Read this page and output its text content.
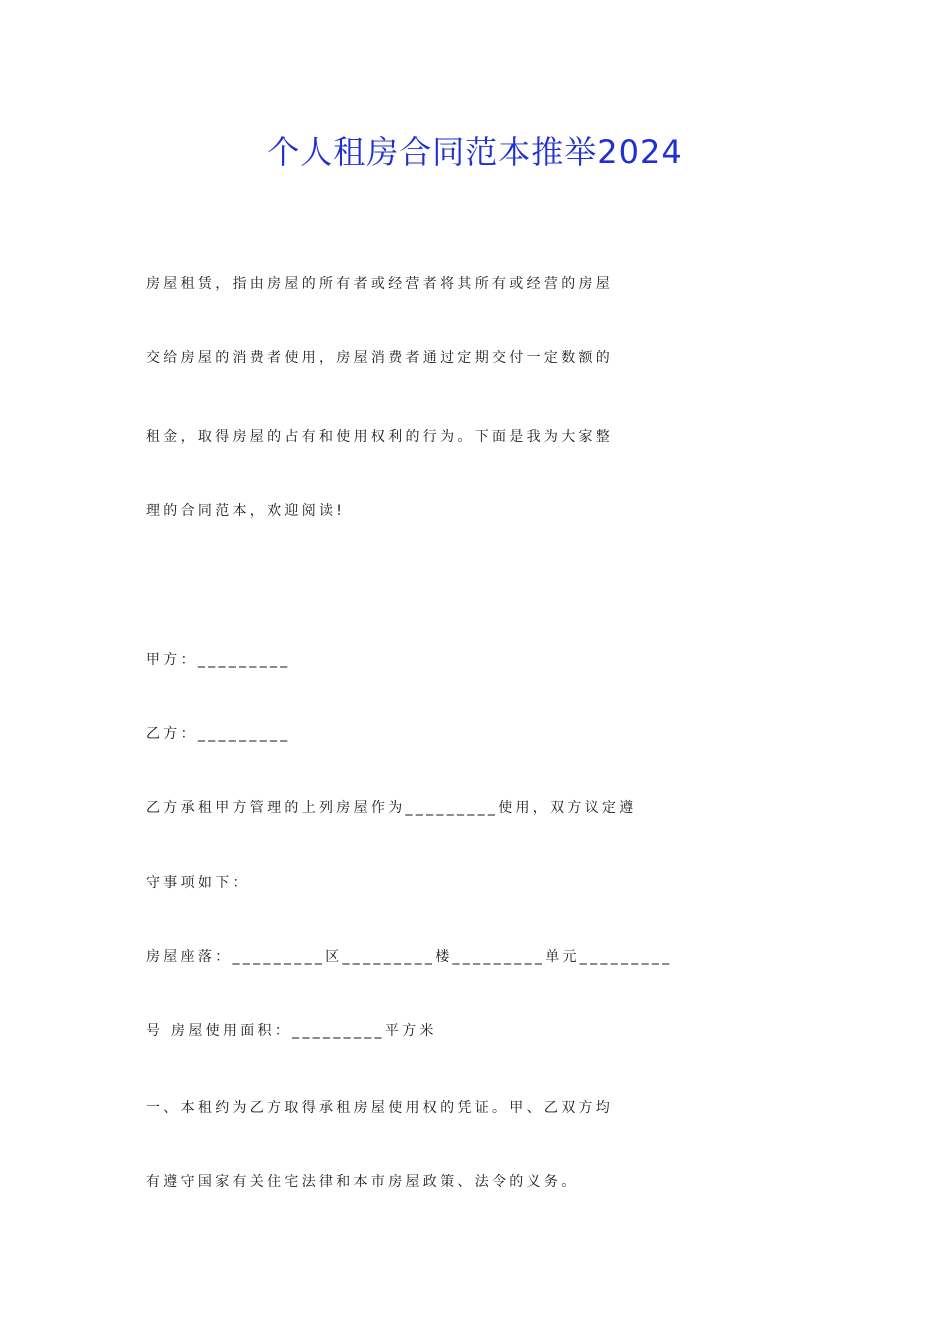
个人租房合同范本推举2024

房屋租赁，指由房屋的所有者或经营者将其所有或经营的房屋

交给房屋的消费者使用，房屋消费者通过定期交付一定数额的

租金，取得房屋的占有和使用权利的行为。下面是我为大家整

理的合同范本，欢迎阅读!

甲方：_________

乙方：_________

乙方承租甲方管理的上列房屋作为_________使用，双方议定遵

守事项如下：

房屋座落：_________区_________楼_________单元_________

号 房屋使用面积：_________平方米

一、本租约为乙方取得承租房屋使用权的凭证。甲、乙双方均

有遵守国家有关住宅法律和本市房屋政策、法令的义务。
